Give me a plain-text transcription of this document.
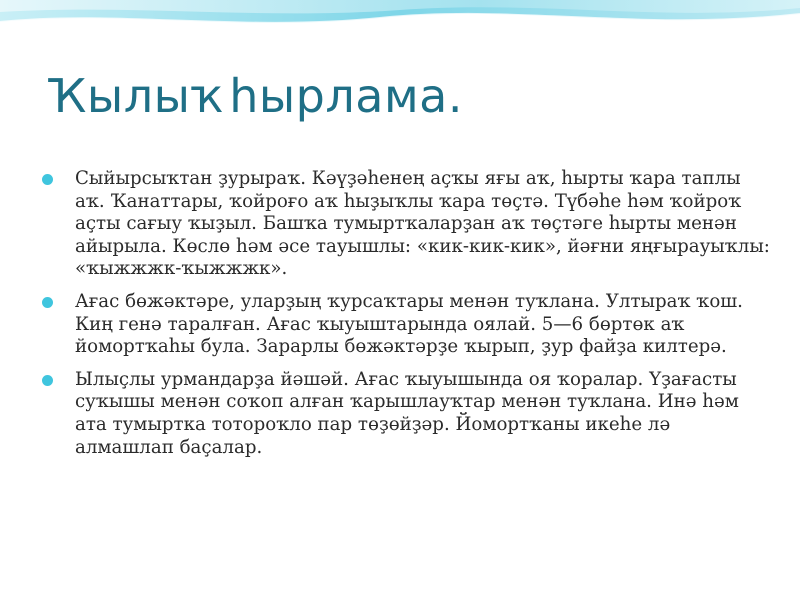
Ҡылыҡһырлама.
Сыйырсыҡтан ҙурыраҡ. Кәүҙәһенең аҫҡы яғы аҡ, һырты ҡара таплы аҡ. Ҡанаттары, ҡойроғо аҡ һыҙыҡлы ҡара төҫтә. Түбәһе һәм ҡойроҡ аҫты сағыу ҡыҙыл. Башҡа тумыртҡаларҙан аҡ төҫтәге һырты менән айырыла. Көслө һәм әсе тауышлы: «кик-кик-кик», йәғни яңғырауыҡлы: «ҡыжжжк-ҡыжжжк».
Ағас бөжәктәре, уларҙың ҡурсаҡтары менән туҡлана. Ултыраҡ ҡош. Киң генә таралған. Ағас ҡыуыштарында оялай. 5—6 бөртөк аҡ йомортҡаһы була. Зарарлы бөжәктәрҙе ҡырып, ҙур файҙа килтерә.
Ылыҫлы урмандарҙа йәшәй. Ағас ҡыуышында оя ҡоралар. Үҙағасты суҡышы менән соҡоп алған ҡарышлауҡтар менән туҡлана. Инә һәм ата тумыртка тотороҡло пар төҙөйҙәр. Йомортҡаны икеһе лә алмашлап баҫалар.
